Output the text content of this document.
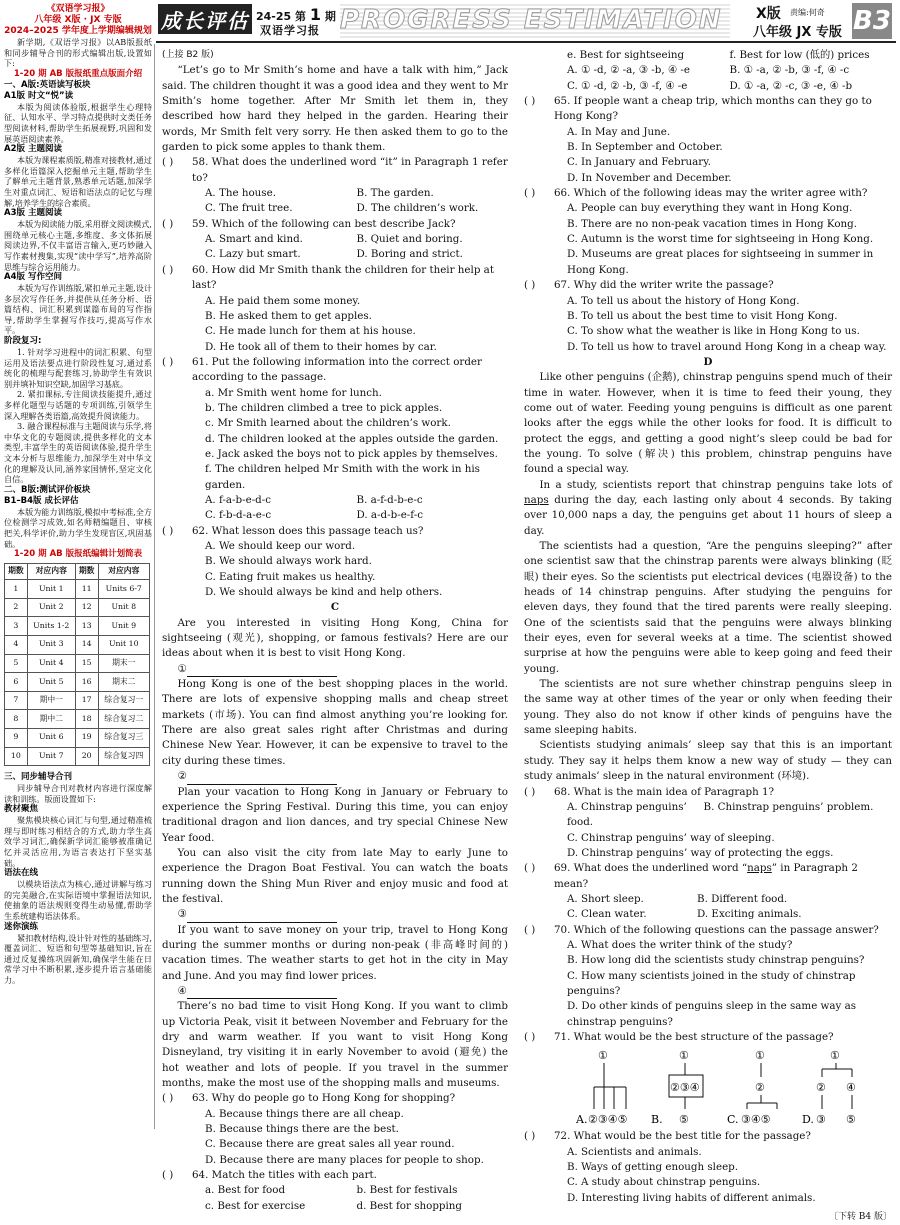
成长评估 24-25 第 1 期
双语学习报 PROGRESS ESTIMATION	X版 责编:何奇
八年级 JX 专版 B3
《双语学习报》
八年级 X版 · JX 专版
2024–2025 学年度上学期编辑规划
新学期,《双语学习报》以AB版报纸和同步辅导合刊的形式编辑出版,设置如下:
1-20 期 AB 版报纸重点版面介绍
一、A版:英语读写板块
A1版 时文“悦”读
本版为阅读体验版,根据学生心理特征、认知水平、学习特点提供时文类任务型阅读材料,帮助学生拓展视野,巩固和发展英语阅读素养。
A2版 主题阅读
本版为课程素质版,精准对接教材,通过多样化语篇深入挖掘单元主题,帮助学生了解单元主题背景,熟悉单元话题,加深学生对重点词汇、短语和语法点的记忆与理解,培养学生的综合素质。
A3版 主题阅读
本版为阅读能力版,采用群文阅读模式,围绕单元核心主题,多维度、多文体拓展阅读边界,不仅丰富语言输入,更巧妙融入写作素材搜集,实现“读中学写”,培养高阶思维与综合运用能力。
A4版 写作空间
本版为写作训练版,紧扣单元主题,设计多层次写作任务,并提供从任务分析、语篇结构、词汇积累到谋篇布局的写作指导,帮助学生掌握写作技巧,提高写作水平。
阶段复习:
1. 针对学习进程中的词汇积累、句型运用及语法要点进行阶段性复习,通过系统化的梳理与配套练习,协助学生有效识别并填补知识空缺,加固学习基底。
2. 紧扣课标,专注阅读技能提升,通过多样化题型与话题的专项训练,引领学生深入理解各类语篇,高效提升阅读能力。
3. 融合课程标准与主题阅读与乐学,将中华文化的专题阅读,提供多样化的文本类型,丰富学生的英语阅读体验,提升学生文本分析与思维能力,加深学生对中华文化的理解及认同,涵养家国情怀,坚定文化自信。
二、B版:测试评价板块
B1–B4版 成长评估
本版为能力训练版,模拟中考标准,全方位检测学习成效,如名师精编题目、审核把关,科学评价,助力学生发现盲区,巩固基础。
1-20 期 AB 版报纸编辑计划简表
期数	对应内容	期数	对应内容
1	Unit 1	11	Units 6-7
2	Unit 2	12	Unit 8
3	Units 1-2	13	Unit 9
4	Unit 3	14	Unit 10
5	Unit 4	15	期末一
6	Unit 5	16	期末二
7	期中一	17	综合复习一
8	期中二	18	综合复习二
9	Unit 6	19	综合复习三
10	Unit 7	20	综合复习四
三、同步辅导合刊
同步辅导合刊对教材内容进行深度解读和训练。版面设置如下:
教材聚焦
聚焦模块核心词汇与句型,通过精准梳理与即时练习相结合的方式,助力学生高效学习词汇,确保新学词汇能够被准确记忆并灵活应用,为语言表达打下坚实基础。
语法在线
以模块语法点为核心,通过讲解与练习的完美融合,在实际语境中掌握语法知识,使抽象的语法规则变得生动易懂,帮助学生系统建构语法体系。
迷你演练
紧扣教材结构,设计针对性的基础练习,覆盖词汇、短语和句型等基础知识,旨在通过反复操练巩固新知,确保学生能在日常学习中不断积累,逐步提升语言基础能力。
(上接 B2 版)
“Let’s go to Mr Smith’s home and have a talk with him,” Jack said. The children thought it was a good idea and they went to Mr Smith’s home together. After Mr Smith let them in, they described how hard they helped in the garden. Hearing their words, Mr Smith felt very sorry. He then asked them to go to the garden to pick some apples to thank them.
( )	58. What does the underlined word “it” in Paragraph 1 refer to?
A. The house.	B. The garden.
C. The fruit tree.	D. The children’s work.
( )	59. Which of the following can best describe Jack?
A. Smart and kind.	B. Quiet and boring.
C. Lazy but smart.	D. Boring and strict.
( )	60. How did Mr Smith thank the children for their help at last?
A. He paid them some money.
B. He asked them to get apples.
C. He made lunch for them at his house.
D. He took all of them to their homes by car.
( )	61. Put the following information into the correct order according to the passage.
a. Mr Smith went home for lunch.
b. The children climbed a tree to pick apples.
c. Mr Smith learned about the children’s work.
d. The children looked at the apples outside the garden.
e. Jack asked the boys not to pick apples by themselves.
f. The children helped Mr Smith with the work in his garden.
A. f-a-b-e-d-c	B. a-f-d-b-e-c
C. f-b-d-a-e-c	D. a-d-b-e-f-c
( )	62. What lesson does this passage teach us?
A. We should keep our word.
B. We should always work hard.
C. Eating fruit makes us healthy.
D. We should always be kind and help others.
C
Are you interested in visiting Hong Kong, China for sightseeing (观光), shopping, or famous festivals? Here are our ideas about when it is best to visit Hong Kong.
①
Hong Kong is one of the best shopping places in the world. There are lots of expensive shopping malls and cheap street markets (市场). You can find almost anything you’re looking for. There are also great sales right after Christmas and during Chinese New Year. However, it can be expensive to travel to the city during these times.
②
Plan your vacation to Hong Kong in January or February to experience the Spring Festival. During this time, you can enjoy traditional dragon and lion dances, and try special Chinese New Year food.
You can also visit the city from late May to early June to experience the Dragon Boat Festival. You can watch the boats running down the Shing Mun River and enjoy music and food at the festival.
③
If you want to save money on your trip, travel to Hong Kong during the summer months or during non-peak (非高峰时间的) vacation times. The weather starts to get hot in the city in May and June. And you may find lower prices.
④
There’s no bad time to visit Hong Kong. If you want to climb up Victoria Peak, visit it between November and February for the dry and warm weather. If you want to visit Hong Kong Disneyland, try visiting it in early November to avoid (避免) the hot weather and lots of people. If you travel in the summer months, make the most use of the shopping malls and museums.
( )	63. Why do people go to Hong Kong for shopping?
A. Because things there are all cheap.
B. Because things there are the best.
C. Because there are great sales all year round.
D. Because there are many places for people to shop.
( )	64. Match the titles with each part.
a. Best for food	b. Best for festivals
c. Best for exercise	d. Best for shopping
e. Best for sightseeing	f. Best for low (低的) prices
A. ① -d, ② -a, ③ -b, ④ -e	B. ① -a, ② -b, ③ -f, ④ -c
C. ① -d, ② -b, ③ -f, ④ -e	D. ① -a, ② -c, ③ -e, ④ -b
( )	65. If people want a cheap trip, which months can they go to Hong Kong?
A. In May and June.
B. In September and October.
C. In January and February.
D. In November and December.
( )	66. Which of the following ideas may the writer agree with?
A. People can buy everything they want in Hong Kong.
B. There are no non-peak vacation times in Hong Kong.
C. Autumn is the worst time for sightseeing in Hong Kong.
D. Museums are great places for sightseeing in summer in Hong Kong.
( )	67. Why did the writer write the passage?
A. To tell us about the history of Hong Kong.
B. To tell us about the best time to visit Hong Kong.
C. To show what the weather is like in Hong Kong to us.
D. To tell us how to travel around Hong Kong in a cheap way.
D
Like other penguins (企鹅), chinstrap penguins spend much of their time in water. However, when it is time to feed their young, they come out of water. Feeding young penguins is difficult as one parent looks after the eggs while the other looks for food. It is difficult to protect the eggs, and getting a good night’s sleep could be bad for the young. To solve (解决) this problem, chinstrap penguins have found a special way.
In a study, scientists report that chinstrap penguins take lots of naps during the day, each lasting only about 4 seconds. By taking over 10,000 naps a day, the penguins get about 11 hours of sleep a day.
The scientists had a question, “Are the penguins sleeping?” after one scientist saw that the chinstrap parents were always blinking (眨眼) their eyes. So the scientists put electrical devices (电器设备) to the heads of 14 chinstrap penguins. After studying the penguins for eleven days, they found that the tired parents were really sleeping. One of the scientists said that the penguins were always blinking their eyes, even for several weeks at a time. The scientist showed surprise at how the penguins were able to keep going and feed their young.
The scientists are not sure whether chinstrap penguins sleep in the same way at other times of the year or only when feeding their young. They also do not know if other kinds of penguins have the same sleeping habits.
Scientists studying animals’ sleep say that this is an important study. They say it helps them know a new way of study — they can study animals’ sleep in the natural environment (环境).
( )	68. What is the main idea of Paragraph 1?
A. Chinstrap penguins’ food.
B. Chinstrap penguins’ problem.
C. Chinstrap penguins’ way of sleeping.
D. Chinstrap penguins’ way of protecting the eggs.
( )	69. What does the underlined word “naps” in Paragraph 2 mean?
A. Short sleep.	B. Different food.
C. Clean water.	D. Exciting animals.
( )	70. Which of the following questions can the passage answer?
A. What does the writer think of the study?
B. How long did the scientists study chinstrap penguins?
C. How many scientists joined in the study of chinstrap penguins?
D. Do other kinds of penguins sleep in the same way as chinstrap penguins?
( )	71. What would be the best structure of the passage?
A.
①
②③④⑤ B.
①
②③④
⑤	C.
①
②
③④⑤	D.
①
② ④
③ ⑤
( )	72. What would be the best title for the passage?
A. Scientists and animals.
B. Ways of getting enough sleep.
C. A study about chinstrap penguins.
D. Interesting living habits of different animals.
〔下转 B4 版〕
